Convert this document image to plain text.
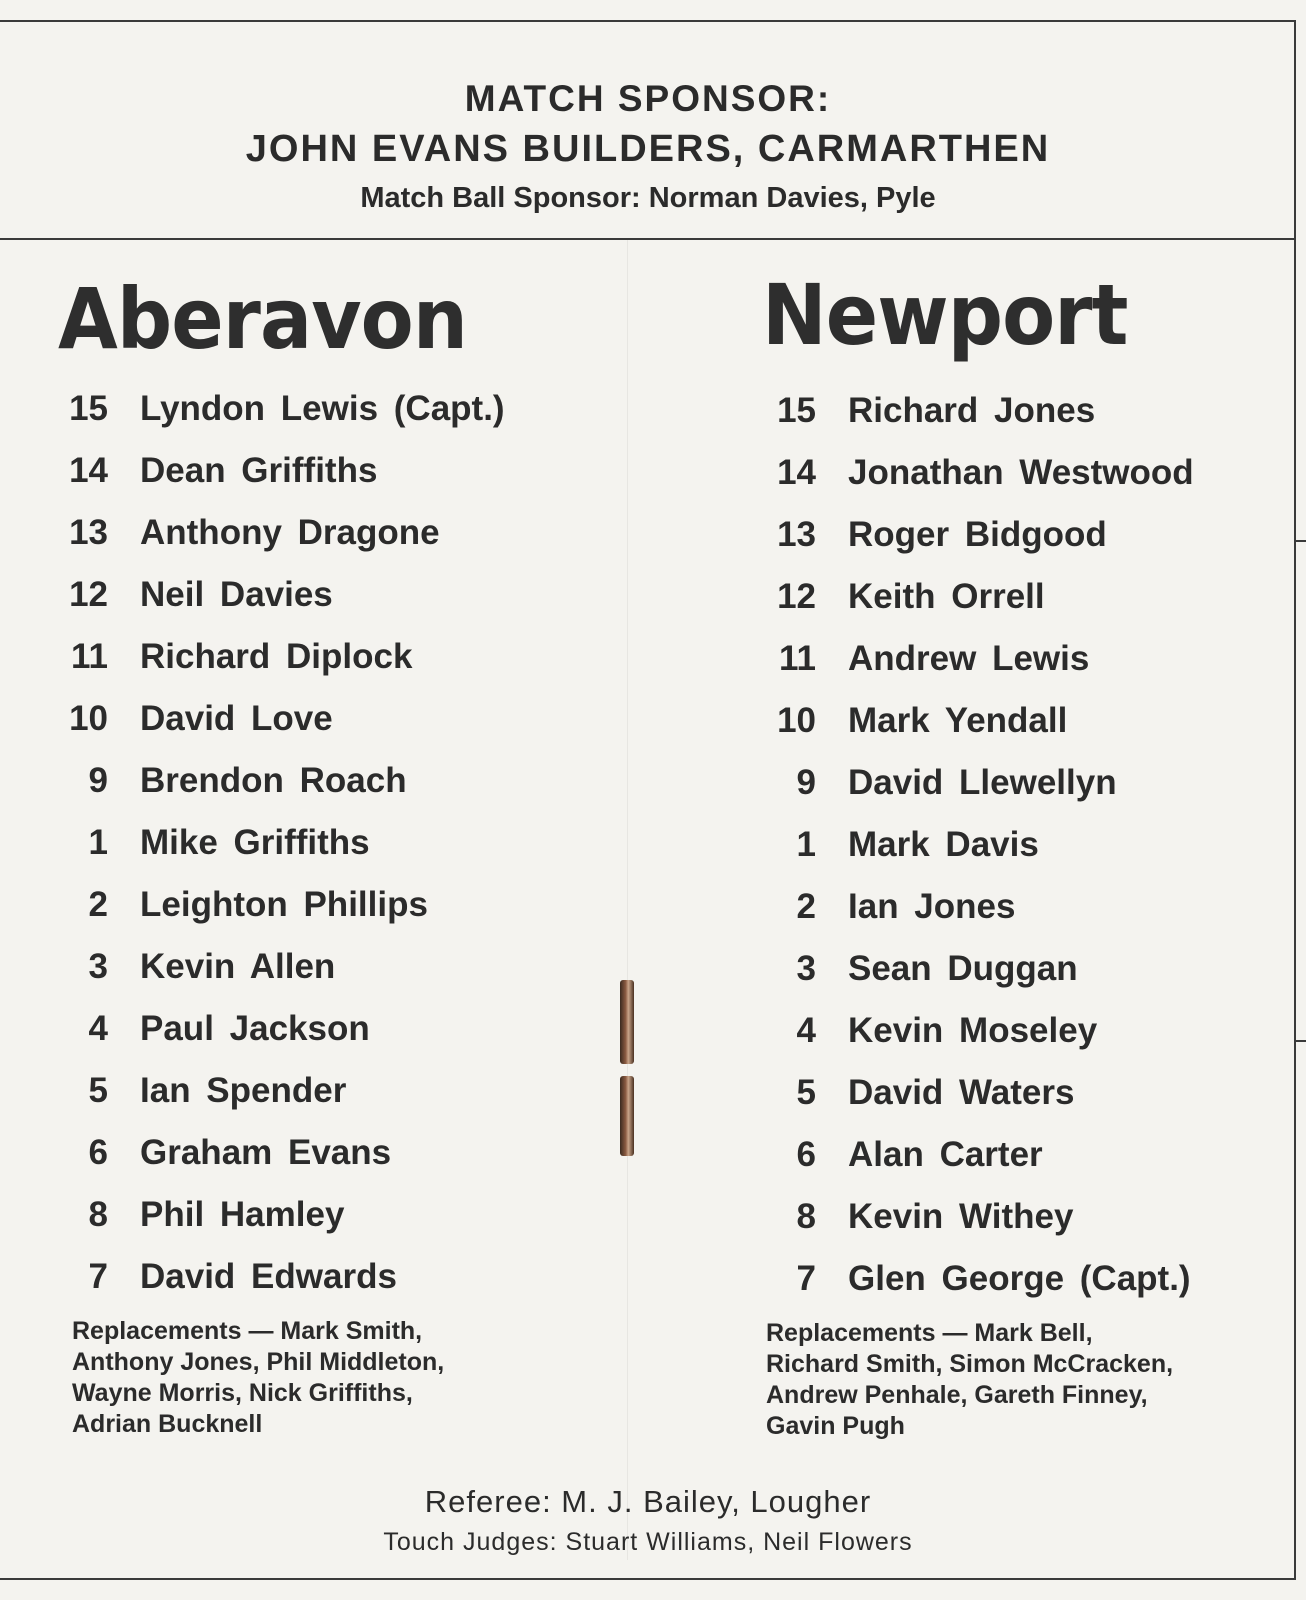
MATCH SPONSOR:
JOHN EVANS BUILDERS, CARMARTHEN
Match Ball Sponsor: Norman Davies, Pyle
Aberavon	Newport
15 Lyndon Lewis (Capt.)
14 Dean Griffiths
13 Anthony Dragone
12 Neil Davies
11 Richard Diplock
10 David Love
9 Brendon Roach
1 Mike Griffiths
2 Leighton Phillips
3 Kevin Allen
4 Paul Jackson
5 Ian Spender
6 Graham Evans
8 Phil Hamley
7 David Edwards
15 Richard Jones
14 Jonathan Westwood
13 Roger Bidgood
12 Keith Orrell
11 Andrew Lewis
10 Mark Yendall
9 David Llewellyn
1 Mark Davis
2 Ian Jones
3 Sean Duggan
4 Kevin Moseley
5 David Waters
6 Alan Carter
8 Kevin Withey
7 Glen George (Capt.)

Replacements — Mark Smith,
Anthony Jones, Phil Middleton,
Wayne Morris, Nick Griffiths,
Adrian Bucknell

Replacements — Mark Bell,
Richard Smith, Simon McCracken,
Andrew Penhale, Gareth Finney,
Gavin Pugh

Referee: M. J. Bailey, Lougher
Touch Judges: Stuart Williams, Neil Flowers
